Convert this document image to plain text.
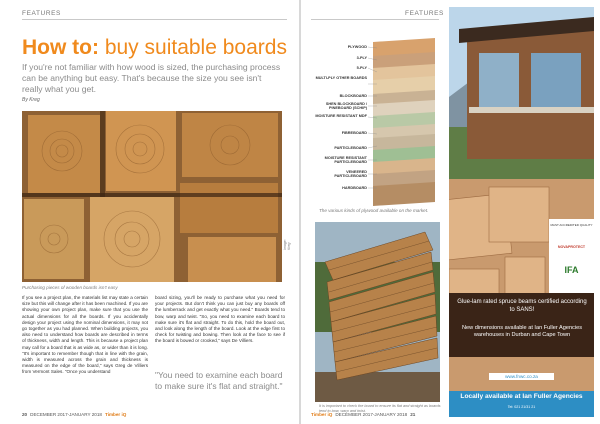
FEATURES
How to: buy suitable boards
If you're not familiar with how wood is sized, the purchasing process can be anything but easy. That's because the size you see isn't really what you get.
By Kreg
Purchasing pieces of wooden boards isn't easy
Image: Kreg
If you see a project plan, the materials list may state a certain size but this will change after it has been machined. If you are showing your own project plan, make sure that you use the actual dimensions for all the boards. If you accidentally design your project using the nominal dimensions, it may not go together as you had planned. When building projects, you also need to understand how boards are described in terms of thickness, width and length. This is because a project plan may call for a board that is as wide as, or wider than it is long. "It's important to remember though that in line with the grain, width is measured across the grain and thickness is measured on the edge of the board," says Greg de Villiers from Vermont Sales. "Once you understand
board sizing, you'll be ready to purchase what you need for your projects. But don't think you can just buy any boards off the lumberrack and get exactly what you need." Boards tend to bow, warp and twist. "So, you need to examine each board to make sure it's flat and straight. To do this, hold the board out, and look along the length of the board. Look at the edge first to check for twisting and bowing. Then look at the face to see if the board is bowed or crooked," says De Villiers.
"You need to examine each board to make sure it's flat and straight."
20 DECEMBER 2017-JANUARY 2018 Timber iQ
FEATURES
PLYWOOD
3-PLY
5-PLY
MULTI-PLY OTHER BOARDS
BLOCKBOARD
SHEN BLOCKBOARD / PINEBOARD (SCHIP)
MOISTURE RESISTANT MDF
FIBREBOARD
PARTICLEBOARD
MOISTURE RESISTANT PARTICLEBOARD
VENEERED PARTICLEBOARD
HARDBOARD
The various kinds of plywood available on the market.
It is important to check the board to ensure its flat and straight as boards tend to bow, warp and twist.
Timber iQ DECEMBER 2017-JANUARY 2018 21
MAST ACCREDITED QUALITY
NOVAPROTECT
IFA
Glue-lam rated spruce beams certified according to SANS!
New dimensions available at Ian Fuller Agencies warehouses in Durban and Cape Town
www.fnwc.co.za
Locally available at Ian Fuller Agencies
Tel: 021 21/31 21
